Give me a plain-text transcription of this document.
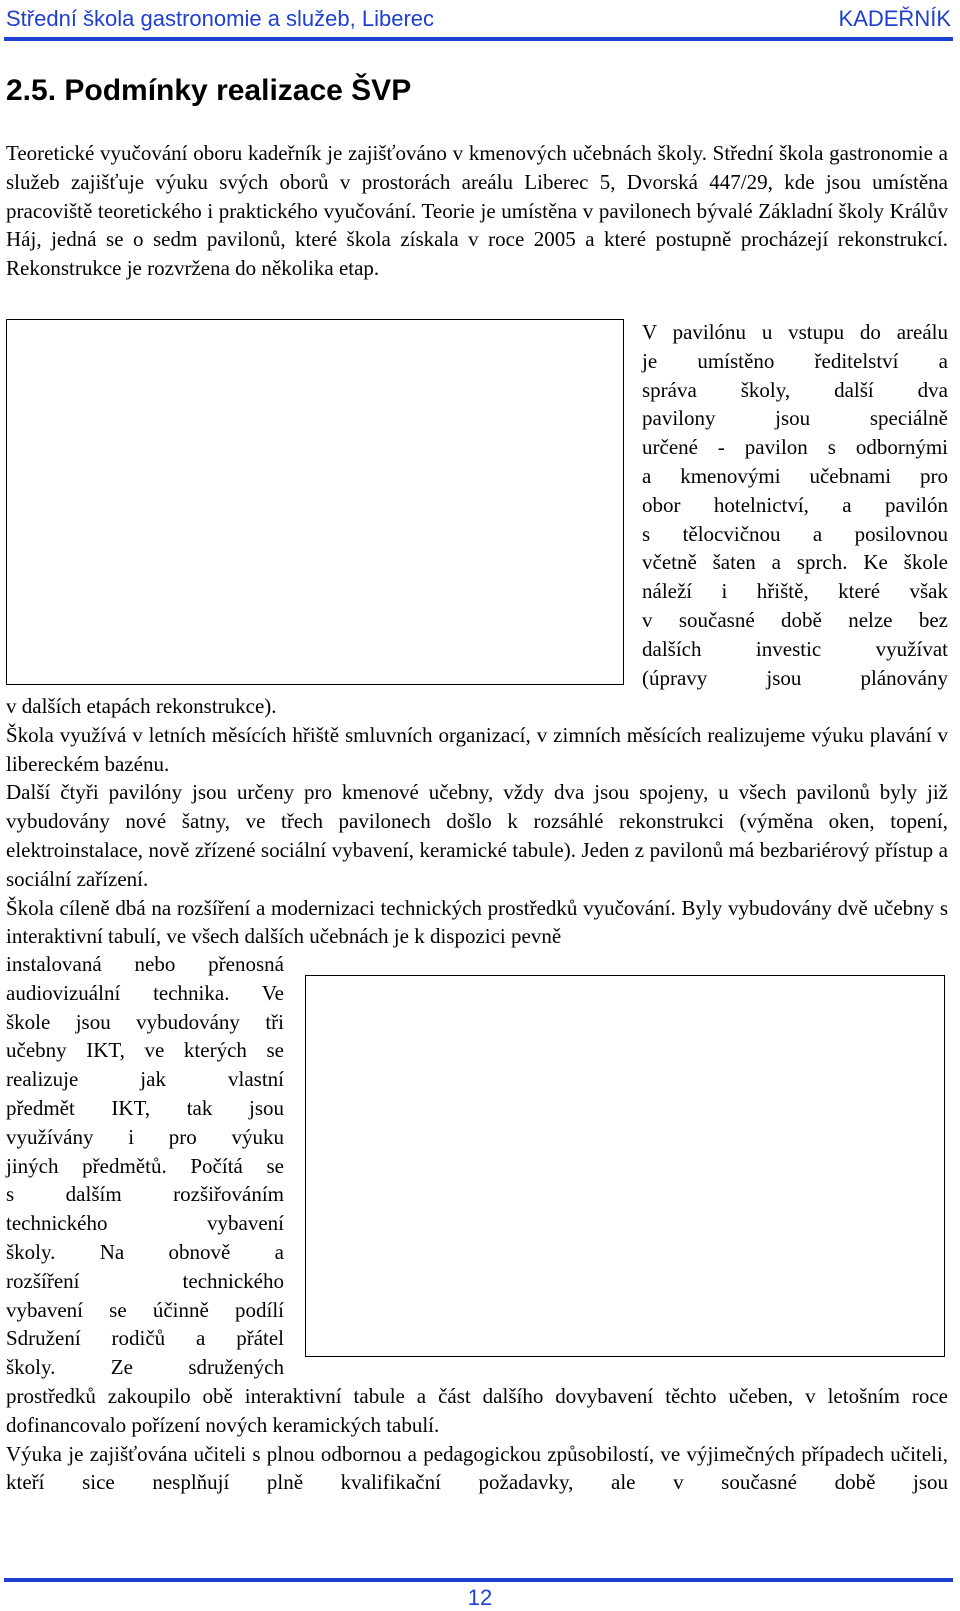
Střední škola gastronomie a služeb, Liberec	KADEŘNÍK
2.5. Podmínky realizace ŠVP
Teoretické vyučování oboru kadeřník je zajišťováno v kmenových učebnách školy. Střední škola gastronomie a služeb zajišťuje výuku svých oborů v prostorách areálu Liberec 5, Dvorská 447/29, kde jsou umístěna pracoviště teoretického i praktického vyučování. Teorie je umístěna v pavilonech bývalé Základní školy Králův Háj, jedná se o sedm pavilonů, které škola získala v roce 2005 a které postupně procházejí rekonstrukcí. Rekonstrukce je rozvržena do několika etap.
V pavilónu u vstupu do areálu
je umístěno ředitelství a
správa školy, další dva
pavilony jsou speciálně
určené - pavilon s odbornými
a kmenovými učebnami pro
obor hotelnictví, a pavilón
s tělocvičnou a posilovnou
včetně šaten a sprch. Ke škole
náleží i hřiště, které však
v současné době nelze bez
dalších investic využívat
(úpravy jsou plánovány

v dalších etapách rekonstrukce).

Škola využívá v letních měsících hřiště smluvních organizací, v zimních měsících realizujeme výuku plavání v libereckém bazénu.

Další čtyři pavilóny jsou určeny pro kmenové učebny, vždy dva jsou spojeny, u všech pavilonů byly již vybudovány nové šatny, ve třech pavilonech došlo k rozsáhlé rekonstrukci (výměna oken, topení, elektroinstalace, nově zřízené sociální vybavení, keramické tabule). Jeden z pavilonů má bezbariérový přístup a sociální zařízení.

Škola cíleně dbá na rozšíření a modernizaci technických prostředků vyučování. Byly vybudovány dvě učebny s interaktivní tabulí, ve všech dalších učebnách je k dispozici pevně

instalovaná nebo přenosná
audiovizuální technika. Ve
škole jsou vybudovány tři
učebny IKT, ve kterých se
realizuje jak vlastní
předmět IKT, tak jsou
využívány i pro výuku
jiných předmětů. Počítá se
s dalším rozšiřováním
technického vybavení
školy. Na obnově a
rozšíření technického
vybavení se účinně podílí
Sdružení rodičů a přátel
školy. Ze sdružených

prostředků zakoupilo obě interaktivní tabule a část dalšího dovybavení těchto učeben, v letošním roce dofinancovalo pořízení nových keramických tabulí.

Výuka je zajišťována učiteli s plnou odbornou a pedagogickou způsobilostí, ve výjimečných případech učiteli, kteří sice nesplňují plně kvalifikační požadavky, ale v současné době jsou

12
